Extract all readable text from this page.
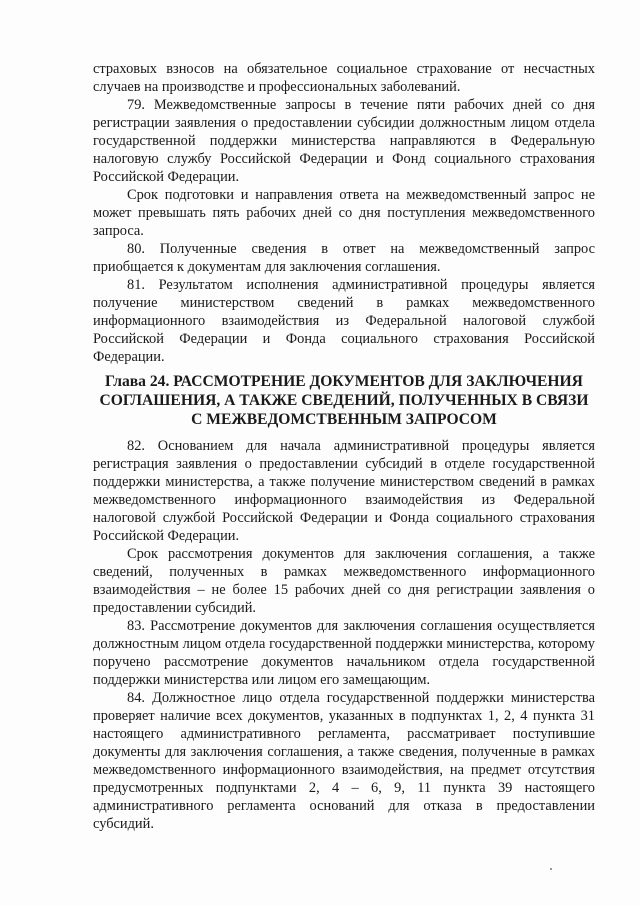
страховых взносов на обязательное социальное страхование от несчастных случаев на производстве и профессиональных заболеваний.

79. Межведомственные запросы в течение пяти рабочих дней со дня регистрации заявления о предоставлении субсидии должностным лицом отдела государственной поддержки министерства направляются в Федеральную налоговую службу Российской Федерации и Фонд социального страхования Российской Федерации.

Срок подготовки и направления ответа на межведомственный запрос не может превышать пять рабочих дней со дня поступления межведомственного запроса.

80. Полученные сведения в ответ на межведомственный запрос приобщается к документам для заключения соглашения.

81. Результатом исполнения административной процедуры является получение министерством сведений в рамках межведомственного информационного взаимодействия из Федеральной налоговой службой Российской Федерации и Фонда социального страхования Российской Федерации.

Глава 24. РАССМОТРЕНИЕ ДОКУМЕНТОВ ДЛЯ ЗАКЛЮЧЕНИЯ СОГЛАШЕНИЯ, А ТАКЖЕ СВЕДЕНИЙ, ПОЛУЧЕННЫХ В СВЯЗИ С МЕЖВЕДОМСТВЕННЫМ ЗАПРОСОМ

82. Основанием для начала административной процедуры является регистрация заявления о предоставлении субсидий в отделе государственной поддержки министерства, а также получение министерством сведений в рамках межведомственного информационного взаимодействия из Федеральной налоговой службой Российской Федерации и Фонда социального страхования Российской Федерации.

Срок рассмотрения документов для заключения соглашения, а также сведений, полученных в рамках межведомственного информационного взаимодействия – не более 15 рабочих дней со дня регистрации заявления о предоставлении субсидий.

83. Рассмотрение документов для заключения соглашения осуществляется должностным лицом отдела государственной поддержки министерства, которому поручено рассмотрение документов начальником отдела государственной поддержки министерства или лицом его замещающим.

84. Должностное лицо отдела государственной поддержки министерства проверяет наличие всех документов, указанных в подпунктах 1, 2, 4 пункта 31 настоящего административного регламента, рассматривает поступившие документы для заключения соглашения, а также сведения, полученные в рамках межведомственного информационного взаимодействия, на предмет отсутствия предусмотренных подпунктами 2, 4 – 6, 9, 11 пункта 39 настоящего административного регламента оснований для отказа в предоставлении субсидий.
